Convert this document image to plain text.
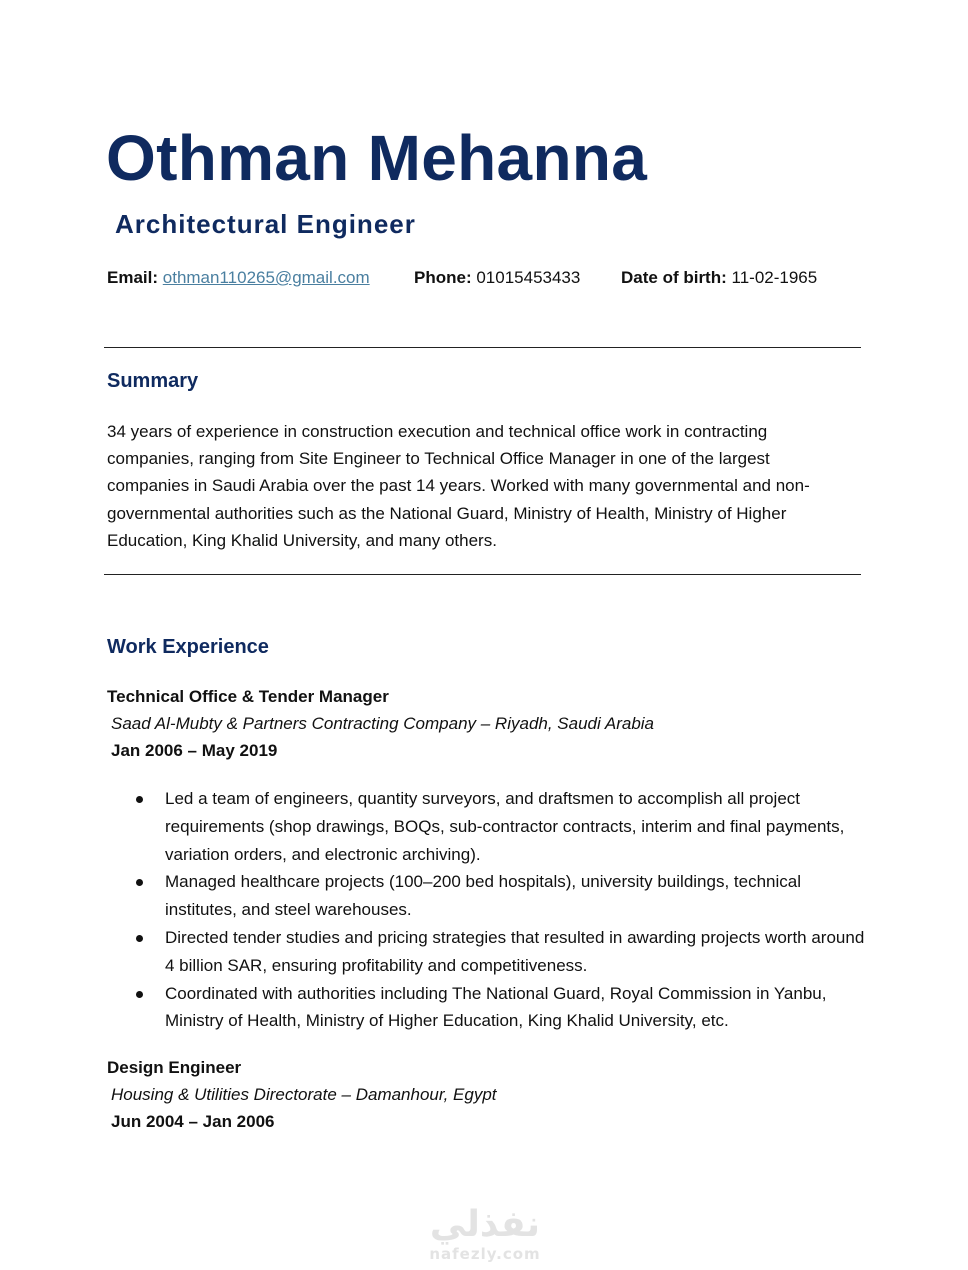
Othman Mehanna
Architectural Engineer
Email: othman110265@gmail.com	Phone: 01015453433 Date of birth: 11-02-1965
Summary

34 years of experience in construction execution and technical office work in contracting companies, ranging from Site Engineer to Technical Office Manager in one of the largest companies in Saudi Arabia over the past 14 years. Worked with many governmental and non-governmental authorities such as the National Guard, Ministry of Health, Ministry of Higher Education, King Khalid University, and many others.

Work Experience
Technical Office & Tender Manager
Saad Al-Mubty & Partners Contracting Company – Riyadh, Saudi Arabia
Jan 2006 – May 2019
Led a team of engineers, quantity surveyors, and draftsmen to accomplish all project requirements (shop drawings, BOQs, sub-contractor contracts, interim and final payments, variation orders, and electronic archiving).
Managed healthcare projects (100–200 bed hospitals), university buildings, technical institutes, and steel warehouses.
Directed tender studies and pricing strategies that resulted in awarding projects worth around 4 billion SAR, ensuring profitability and competitiveness.
Coordinated with authorities including The National Guard, Royal Commission in Yanbu, Ministry of Health, Ministry of Higher Education, King Khalid University, etc.
Design Engineer
Housing & Utilities Directorate – Damanhour, Egypt
Jun 2004 – Jan 2006
نفذلي
nafezly.com
